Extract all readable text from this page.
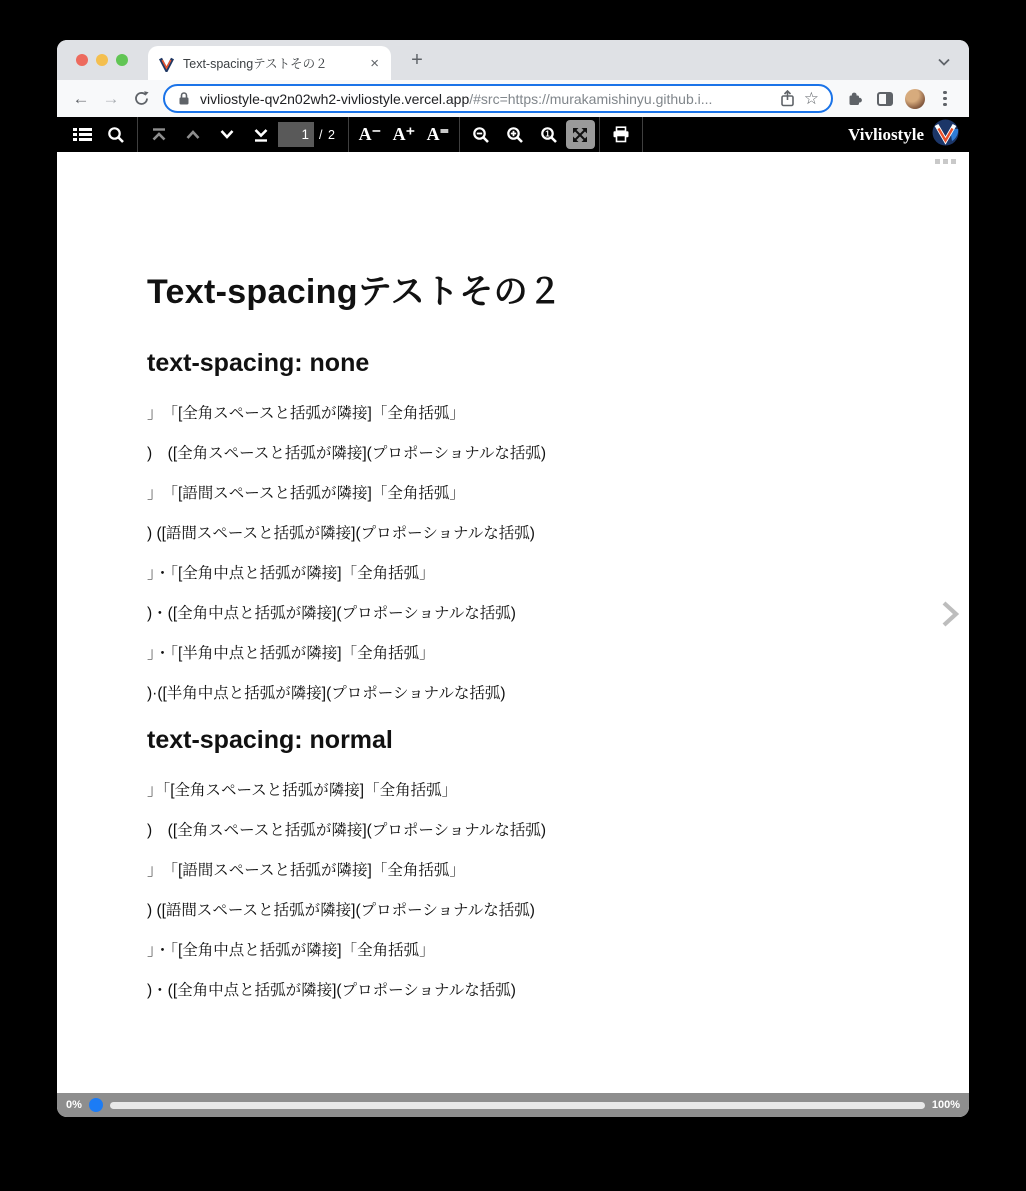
Text-spacingテストその２	×	+
← →	vivliostyle-qv2n02wh2-vivliostyle.vercel.app/#src=https://murakamishinyu.github.i...	☆
1
/ 2	A⁻ A⁺ A⁼	1	Vivliostyle
Text-spacingテストその２
text-spacing: none

」　「[全角スペースと括弧が隣接]「全角括弧」

)　([全角スペースと括弧が隣接](プロポーショナルな括弧)

」　「[語間スペースと括弧が隣接]「全角括弧」

) ([語間スペースと括弧が隣接](プロポーショナルな括弧)

」・「[全角中点と括弧が隣接]「全角括弧」

)・([全角中点と括弧が隣接](プロポーショナルな括弧)

」・「[半角中点と括弧が隣接]「全角括弧」

)·([半角中点と括弧が隣接](プロポーショナルな括弧)

text-spacing: normal

」「[全角スペースと括弧が隣接]「全角括弧」

)　([全角スペースと括弧が隣接](プロポーショナルな括弧)

」　「[語間スペースと括弧が隣接]「全角括弧」

) ([語間スペースと括弧が隣接](プロポーショナルな括弧)

」・「[全角中点と括弧が隣接]「全角括弧」

)・([全角中点と括弧が隣接](プロポーショナルな括弧)

0%	100%
